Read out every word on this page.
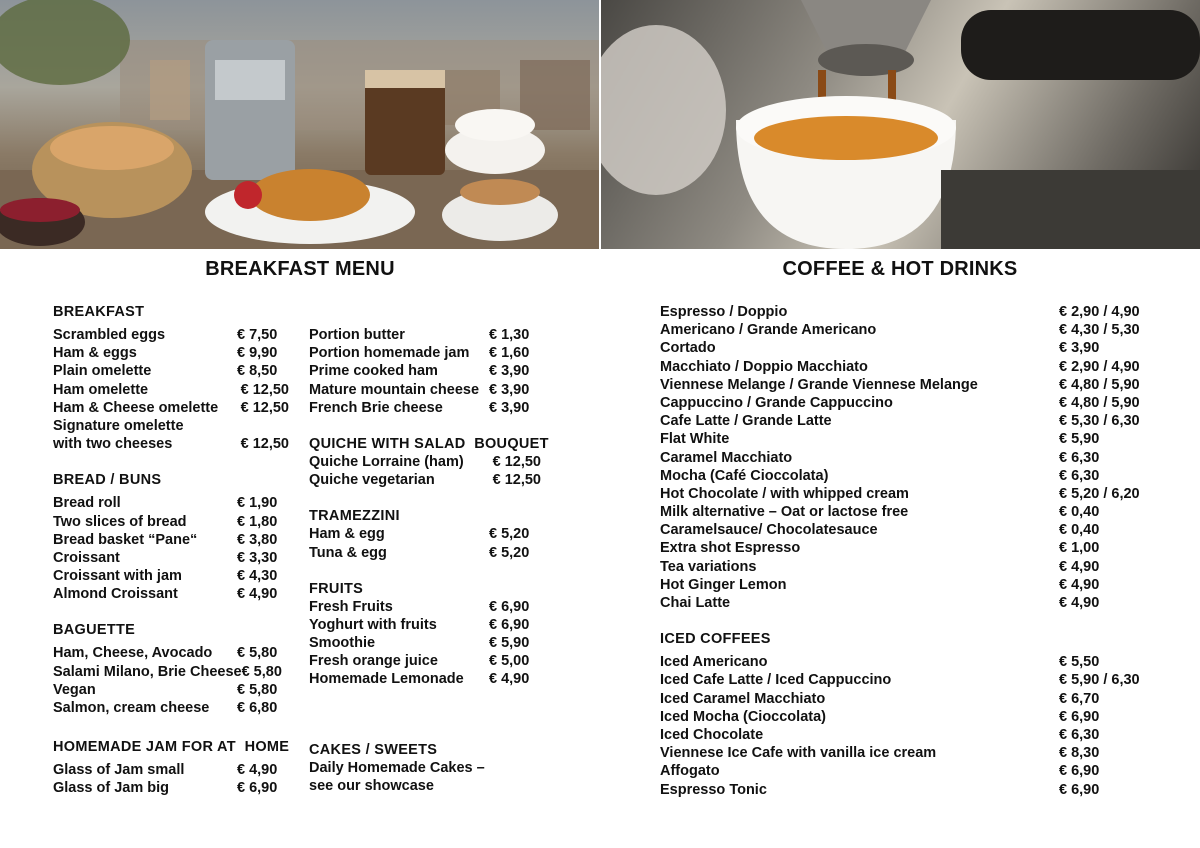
BREAKFAST MENU	COFFEE & HOT DRINKS
BREAKFAST
Scrambled eggs	€ 7,50
Ham & eggs	€ 9,90
Plain omelette	€ 8,50
Ham omelette	€ 12,50
Ham & Cheese omelette € 12,50
Signature omelette
with two cheeses	€ 12,50
BREAD / BUNS
Bread roll	€ 1,90
Two slices of bread	€ 1,80
Bread basket “Pane“	€ 3,80
Croissant	€ 3,30
Croissant with jam	€ 4,30
Almond Croissant	€ 4,90
BAGUETTE
Ham, Cheese, Avocado € 5,80
Salami Milano, Brie Cheese € 5,80
Vegan	€ 5,80
Salmon, cream cheese € 6,80
HOMEMADE JAM FOR AT  HOME
Glass of Jam small	€ 4,90
Glass of Jam big	€ 6,90
Portion butter	€ 1,30
Portion homemade jam € 1,60
Prime cooked ham	€ 3,90
Mature mountain cheese € 3,90
French Brie cheese	€ 3,90
QUICHE WITH SALAD  BOUQUET
Quiche Lorraine (ham) € 12,50
Quiche vegetarian	€ 12,50
TRAMEZZINI
Ham & egg	€ 5,20
Tuna & egg	€ 5,20
FRUITS
Fresh Fruits	€ 6,90
Yoghurt with fruits	€ 6,90
Smoothie	€ 5,90
Fresh orange juice	€ 5,00
Homemade Lemonade € 4,90
CAKES / SWEETS
Daily Homemade Cakes –
see our showcase
Espresso / Doppio	€ 2,90 / 4,90
Americano / Grande Americano	€ 4,30 / 5,30
Cortado	€ 3,90
Macchiato / Doppio Macchiato	€ 2,90 / 4,90
Viennese Melange / Grande Viennese Melange	€ 4,80 / 5,90
Cappuccino / Grande Cappuccino	€ 4,80 / 5,90
Cafe Latte / Grande Latte	€ 5,30 / 6,30
Flat White	€ 5,90
Caramel Macchiato	€ 6,30
Mocha (Café Cioccolata)	€ 6,30
Hot Chocolate / with whipped cream	€ 5,20 / 6,20
Milk alternative – Oat or lactose free	€ 0,40
Caramelsauce/ Chocolatesauce	€ 0,40
Extra shot Espresso	€ 1,00
Tea variations	€ 4,90
Hot Ginger Lemon	€ 4,90
Chai Latte	€ 4,90
ICED COFFEES
Iced Americano	€ 5,50
Iced Cafe Latte / Iced Cappuccino	€ 5,90 / 6,30
Iced Caramel Macchiato	€ 6,70
Iced Mocha (Cioccolata)	€ 6,90
Iced Chocolate	€ 6,30
Viennese Ice Cafe with vanilla ice cream	€ 8,30
Affogato	€ 6,90
Espresso Tonic	€ 6,90
